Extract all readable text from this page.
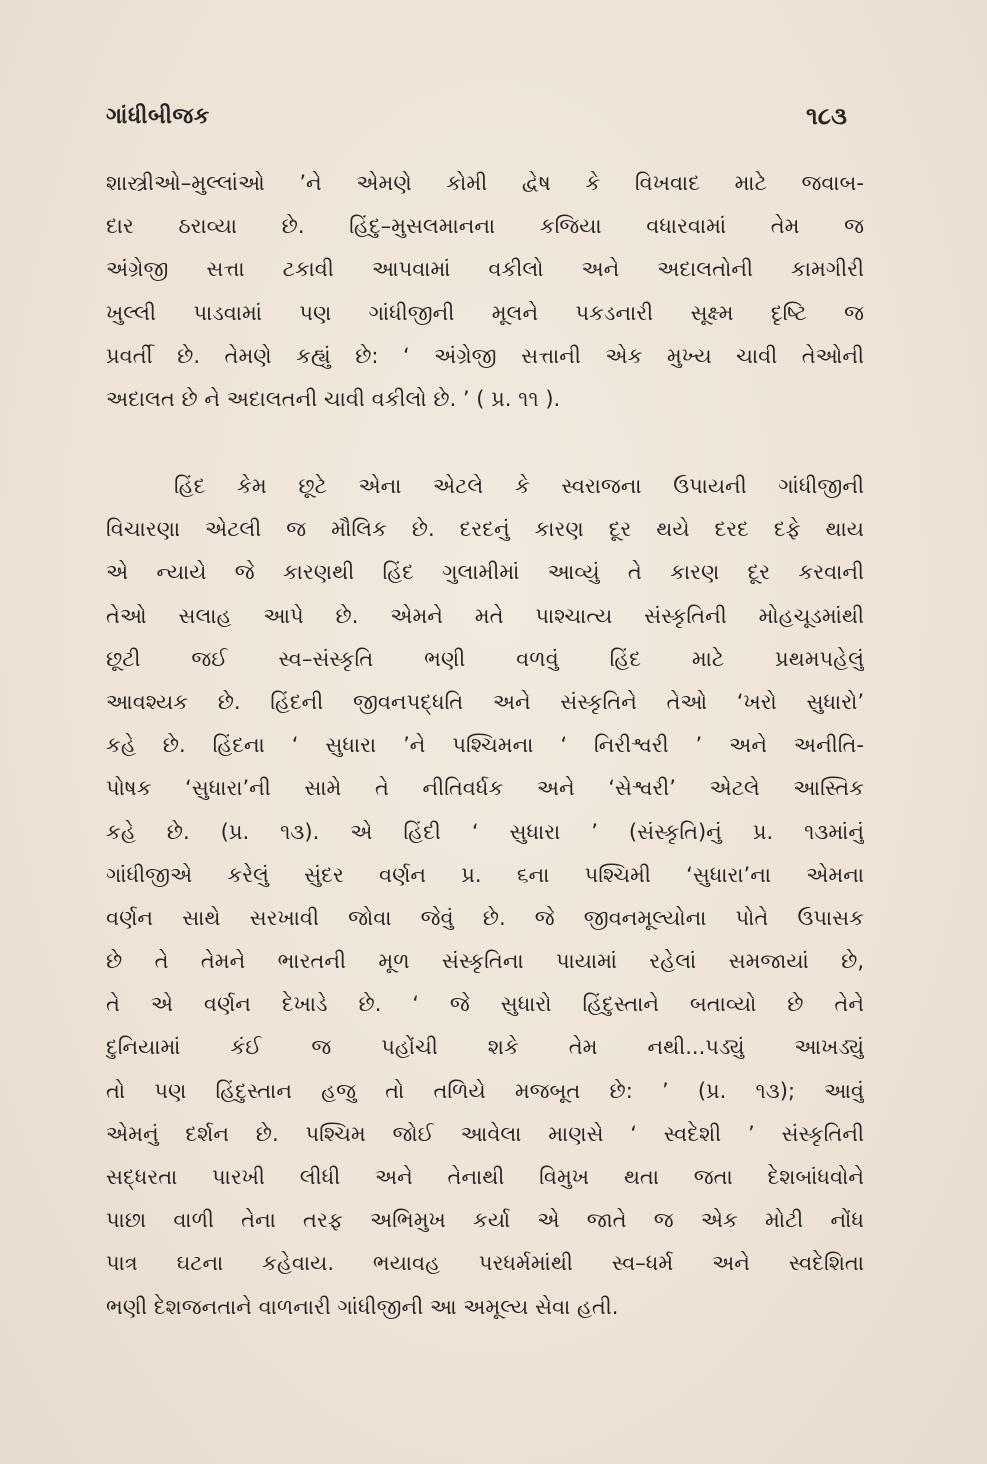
ગાંધીબીજક	૧૮૩
શાસ્ત્રીઓ–મુલ્લાંઓ ’ને એમણે કોમી દ્વેષ કે વિખવાદ માટે જવાબ-
દાર ઠરાવ્યા છે. હિંદુ–મુસલમાનના કજિયા વધારવામાં તેમ જ
અંગ્રેજી સત્તા ટકાવી આપવામાં વકીલો અને અદાલતોની કામગીરી
ખુલ્લી પાડવામાં પણ ગાંધીજીની મૂલને પકડનારી સૂક્ષ્મ દૃષ્ટિ જ
પ્રવર્તી છે. તેમણે કહ્યું છે: ‘ અંગ્રેજી સત્તાની એક મુખ્ય ચાવી તેઓની
અદાલત છે ને અદાલતની ચાવી વકીલો છે. ’ ( પ્ર. ૧૧ ).
હિંદ કેમ છૂટે એના એટલે કે સ્વરાજના ઉપાયની ગાંધીજીની
વિચારણા એટલી જ મૌલિક છે. દરદનું કારણ દૂર થયે દરદ દફે થાય
એ ન્યાયે જે કારણથી હિંદ ગુલામીમાં આવ્યું તે કારણ દૂર કરવાની
તેઓ સલાહ આપે છે. એમને મતે પાશ્ચાત્ય સંસ્કૃતિની મોહચૂડમાંથી
છૂટી જઈ સ્વ–સંસ્કૃતિ ભણી વળવું હિંદ માટે પ્રથમપહેલું
આવશ્યક છે. હિંદની જીવનપદ્ધતિ અને સંસ્કૃતિને તેઓ ‘ખરો સુધારો’
કહે છે. હિંદના ‘ સુધારા ’ને પશ્ચિમના ‘ નિરીશ્વરી ’ અને અનીતિ-
પોષક ‘સુધારા’ની સામે તે નીતિવર્ધક અને ‘સેશ્વરી’ એટલે આસ્તિક
કહે છે. (પ્ર. ૧૩). એ હિંદી ‘ સુધારા ’ (સંસ્કૃતિ)નું પ્ર. ૧૩માંનું
ગાંધીજીએ કરેલું સુંદર વર્ણન પ્ર. ૬ના પશ્ચિમી ‘સુધારા’ના એમના
વર્ણન સાથે સરખાવી જોવા જેવું છે. જે જીવનમૂલ્યોના પોતે ઉપાસક
છે તે તેમને ભારતની મૂળ સંસ્કૃતિના પાયામાં રહેલાં સમજાયાં છે,
તે એ વર્ણન દેખાડે છે. ‘ જે સુધારો હિંદુસ્તાને બતાવ્યો છે તેને
દુનિયામાં કંઈ જ પહોંચી શકે તેમ નથી...પડ્યું આખડ્યું
તો પણ હિંદુસ્તાન હજુ તો તળિયે મજબૂત છે: ’ (પ્ર. ૧૩); આવું
એમનું દર્શન છે. પશ્ચિમ જોઈ આવેલા માણસે ‘ સ્વદેશી ’ સંસ્કૃતિની
સદ્ધરતા પારખી લીધી અને તેનાથી વિમુખ થતા જતા દેશબાંધવોને
પાછા વાળી તેના તરફ અભિમુખ કર્યા એ જાતે જ એક મોટી નોંધ
પાત્ર ઘટના કહેવાય. ભયાવહ પરધર્મમાંથી સ્વ–ધર્મ અને સ્વદેશિતા
ભણી દેશજનતાને વાળનારી ગાંધીજીની આ અમૂલ્ય સેવા હતી.
